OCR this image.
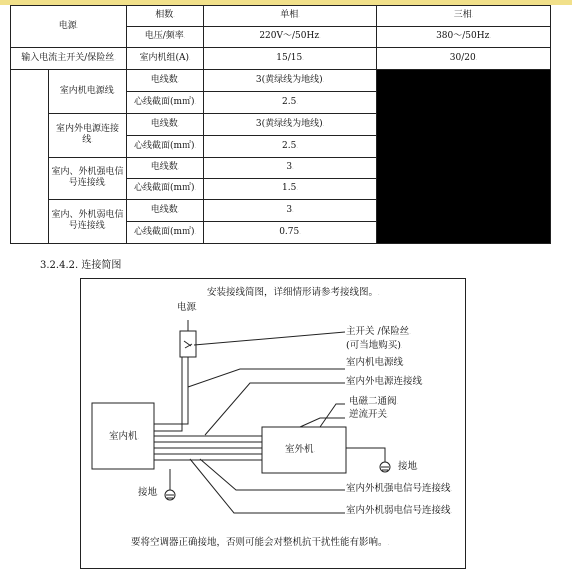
电源.		相数.	单相.	三相.
		电压/频率.	220V～/50Hz.	380～/50Hz.
输入电流主开关/保险丝.		室内机组(A).	15/15.	30/20.
	室内机电源线.	电线数.	3(黄绿线为地线).	
		心线截面(m㎡).	2.5.	
	室内外电源连接线.	电线数.	3(黄绿线为地线).	
		心线截面(m㎡).	2.5.	
	室内、外机强电信号连接线.	电线数.	3.	
		心线截面(m㎡).	1.5.	
	室内、外机弱电信号连接线.	电线数.	3.	
		心线截面(m㎡).	0.75.	
3.2.4.2. 连接简图
安装接线简图，详细情形请参考接线图。.
电源.
主开关 /保险丝.
(可当地购买).
室内机电源线.
室内外电源连接线.
电磁二通阀.
逆流开关.
室内机.
室外机.
接地.
接地.	室内外机强电信号连接线.
室内外机弱电信号连接线.
要将空调器正确接地，否则可能会对整机抗干扰性能有影响。.
